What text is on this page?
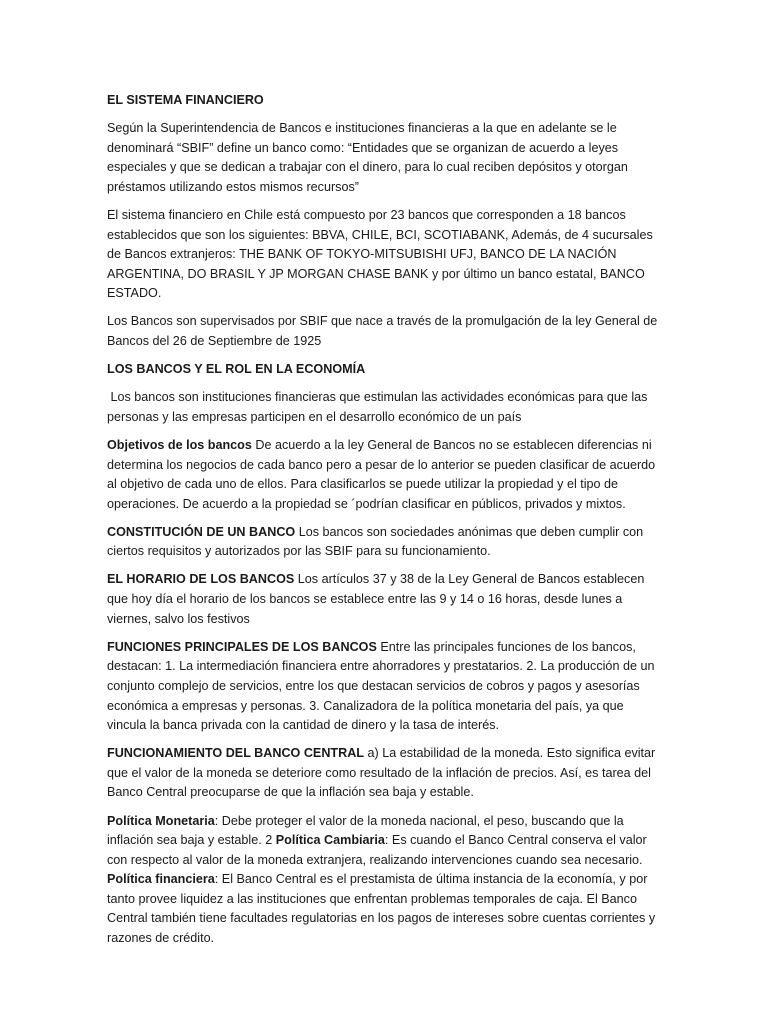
EL SISTEMA FINANCIERO

Según la Superintendencia de Bancos e instituciones financieras a la que en adelante se le denominará “SBIF” define un banco como: “Entidades que se organizan de acuerdo a leyes especiales y que se dedican a trabajar con el dinero, para lo cual reciben depósitos y otorgan préstamos utilizando estos mismos recursos”

El sistema financiero en Chile está compuesto por 23 bancos que corresponden a 18 bancos establecidos que son los siguientes: BBVA, CHILE, BCI, SCOTIABANK, Además, de 4 sucursales de Bancos extranjeros: THE BANK OF TOKYO-MITSUBISHI UFJ, BANCO DE LA NACIÓN ARGENTINA, DO BRASIL Y JP MORGAN CHASE BANK y por último un banco estatal, BANCO ESTADO.

Los Bancos son supervisados por SBIF que nace a través de la promulgación de la ley General de Bancos del 26 de Septiembre de 1925

LOS BANCOS Y EL ROL EN LA ECONOMÍA

Los bancos son instituciones financieras que estimulan las actividades económicas para que las personas y las empresas participen en el desarrollo económico de un país

Objetivos de los bancos De acuerdo a la ley General de Bancos no se establecen diferencias ni determina los negocios de cada banco pero a pesar de lo anterior se pueden clasificar de acuerdo al objetivo de cada uno de ellos. Para clasificarlos se puede utilizar la propiedad y el tipo de operaciones. De acuerdo a la propiedad se ´podrían clasificar en públicos, privados y mixtos.

CONSTITUCIÓN DE UN BANCO Los bancos son sociedades anónimas que deben cumplir con ciertos requisitos y autorizados por las SBIF para su funcionamiento.

EL HORARIO DE LOS BANCOS Los artículos 37 y 38 de la Ley General de Bancos establecen que hoy día el horario de los bancos se establece entre las 9 y 14 o 16 horas, desde lunes a viernes, salvo los festivos

FUNCIONES PRINCIPALES DE LOS BANCOS Entre las principales funciones de los bancos, destacan: 1. La intermediación financiera entre ahorradores y prestatarios. 2. La producción de un conjunto complejo de servicios, entre los que destacan servicios de cobros y pagos y asesorías económica a empresas y personas. 3. Canalizadora de la política monetaria del país, ya que vincula la banca privada con la cantidad de dinero y la tasa de interés.

FUNCIONAMIENTO DEL BANCO CENTRAL a) La estabilidad de la moneda. Esto significa evitar que el valor de la moneda se deteriore como resultado de la inflación de precios. Así, es tarea del Banco Central preocuparse de que la inflación sea baja y estable.

Política Monetaria: Debe proteger el valor de la moneda nacional, el peso, buscando que la inflación sea baja y estable. 2 Política Cambiaria: Es cuando el Banco Central conserva el valor con respecto al valor de la moneda extranjera, realizando intervenciones cuando sea necesario.

Política financiera: El Banco Central es el prestamista de última instancia de la economía, y por tanto provee liquidez a las instituciones que enfrentan problemas temporales de caja. El Banco Central también tiene facultades regulatorias en los pagos de intereses sobre cuentas corrientes y razones de crédito.
